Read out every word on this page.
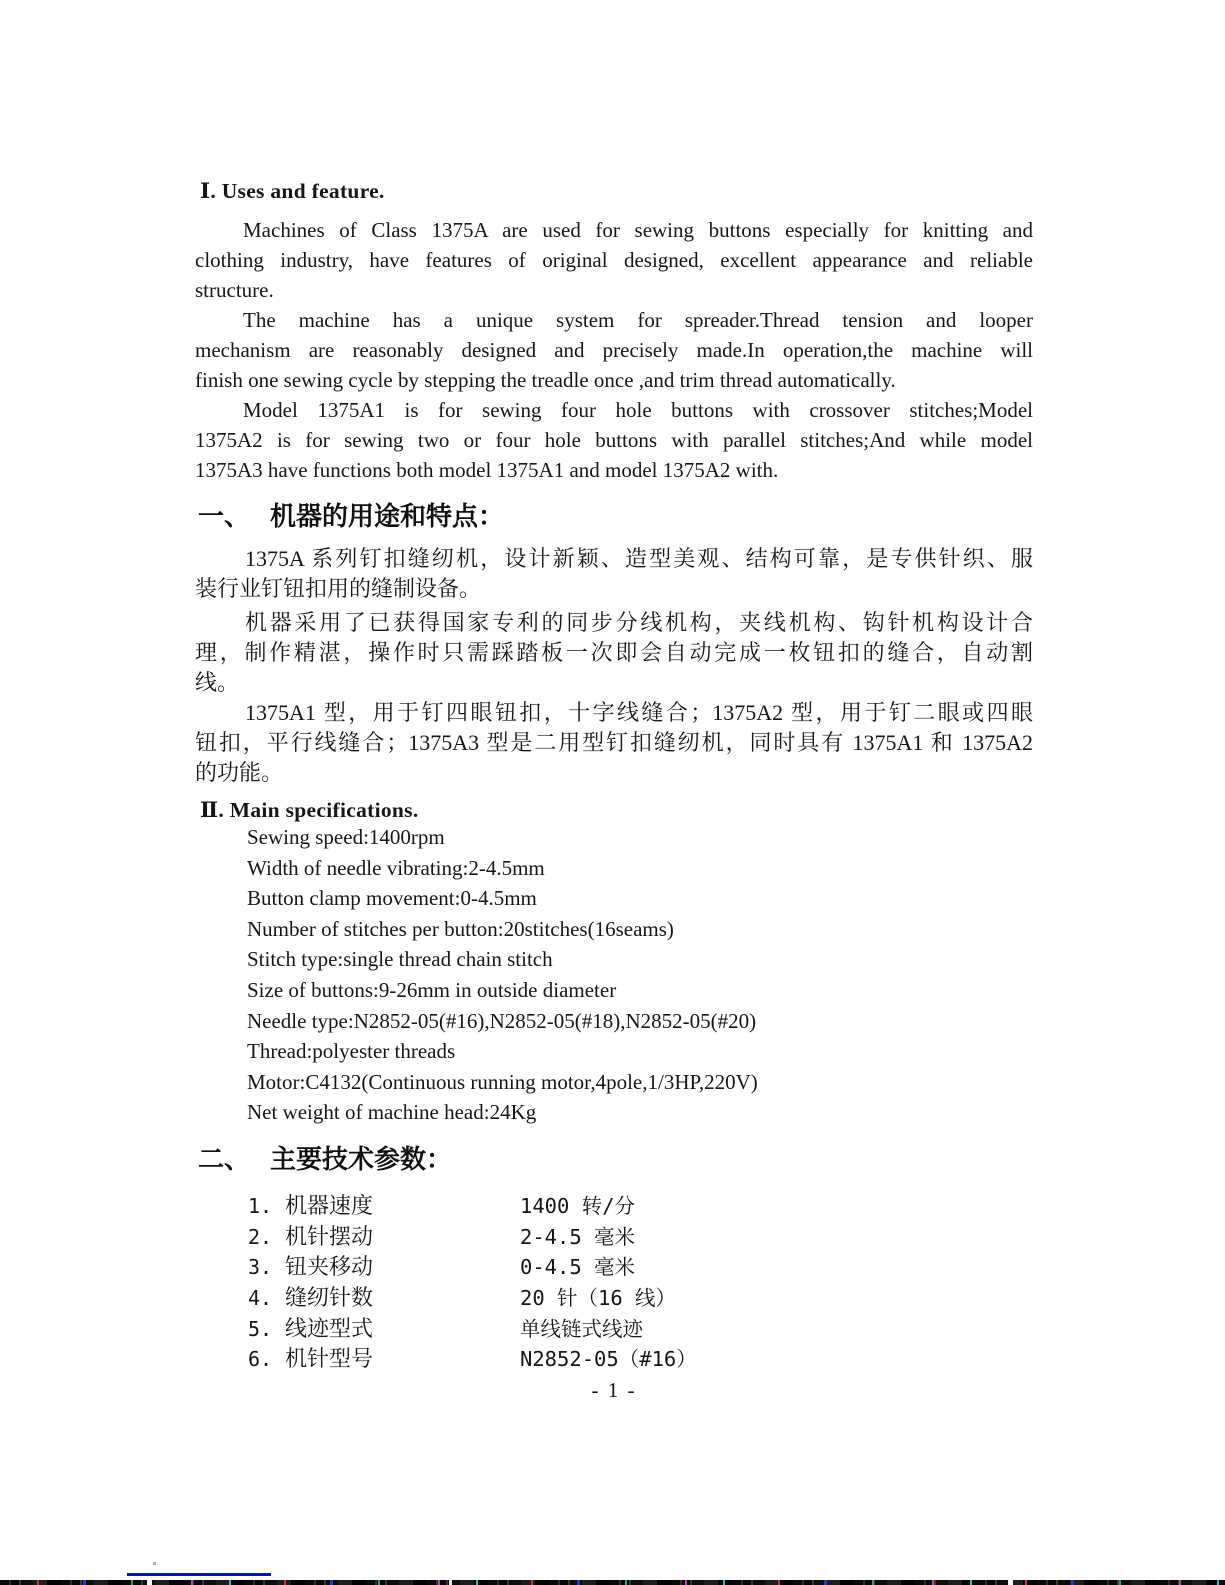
Ⅰ. Uses and feature.
Machines of Class 1375A are used for sewing buttons especially for knitting and
clothing industry, have features of original designed, excellent appearance and reliable
structure.
The machine has a unique system for spreader.Thread tension and looper
mechanism are reasonably designed and precisely made.In operation,the machine will
finish one sewing cycle by stepping the treadle once ,and trim thread automatically.
Model 1375A1 is for sewing four hole buttons with crossover stitches;Model
1375A2 is for sewing two or four hole buttons with parallel stitches;And while model
1375A3 have functions both model 1375A1 and model 1375A2 with.
一、 机器的用途和特点：
1375A 系列钉扣缝纫机，设计新颖、造型美观、结构可靠，是专供针织、服
装行业钉钮扣用的缝制设备。
机器采用了已获得国家专利的同步分线机构，夹线机构、钩针机构设计合
理，制作精湛，操作时只需踩踏板一次即会自动完成一枚钮扣的缝合，自动割
线。
1375A1 型，用于钉四眼钮扣，十字线缝合；1375A2 型，用于钉二眼或四眼
钮扣，平行线缝合；1375A3 型是二用型钉扣缝纫机，同时具有 1375A1 和 1375A2
的功能。
Ⅱ. Main specifications.
Sewing speed:1400rpm
Width of needle vibrating:2-4.5mm
Button clamp movement:0-4.5mm
Number of stitches per button:20stitches(16seams)
Stitch type:single thread chain stitch
Size of buttons:9-26mm in outside diameter
Needle type:N2852-05(#16),N2852-05(#18),N2852-05(#20)
Thread:polyester threads
Motor:C4132(Continuous running motor,4pole,1/3HP,220V)
Net weight of machine head:24Kg
二、 主要技术参数：
1. 机器速度	1400 转/分
2. 机针摆动	2-4.5 毫米
3. 钮夹移动	0-4.5 毫米
4. 缝纫针数	20 针（16 线）
5. 线迹型式	单线链式线迹
6. 机针型号	N2852-05（#16）
- 1 -
